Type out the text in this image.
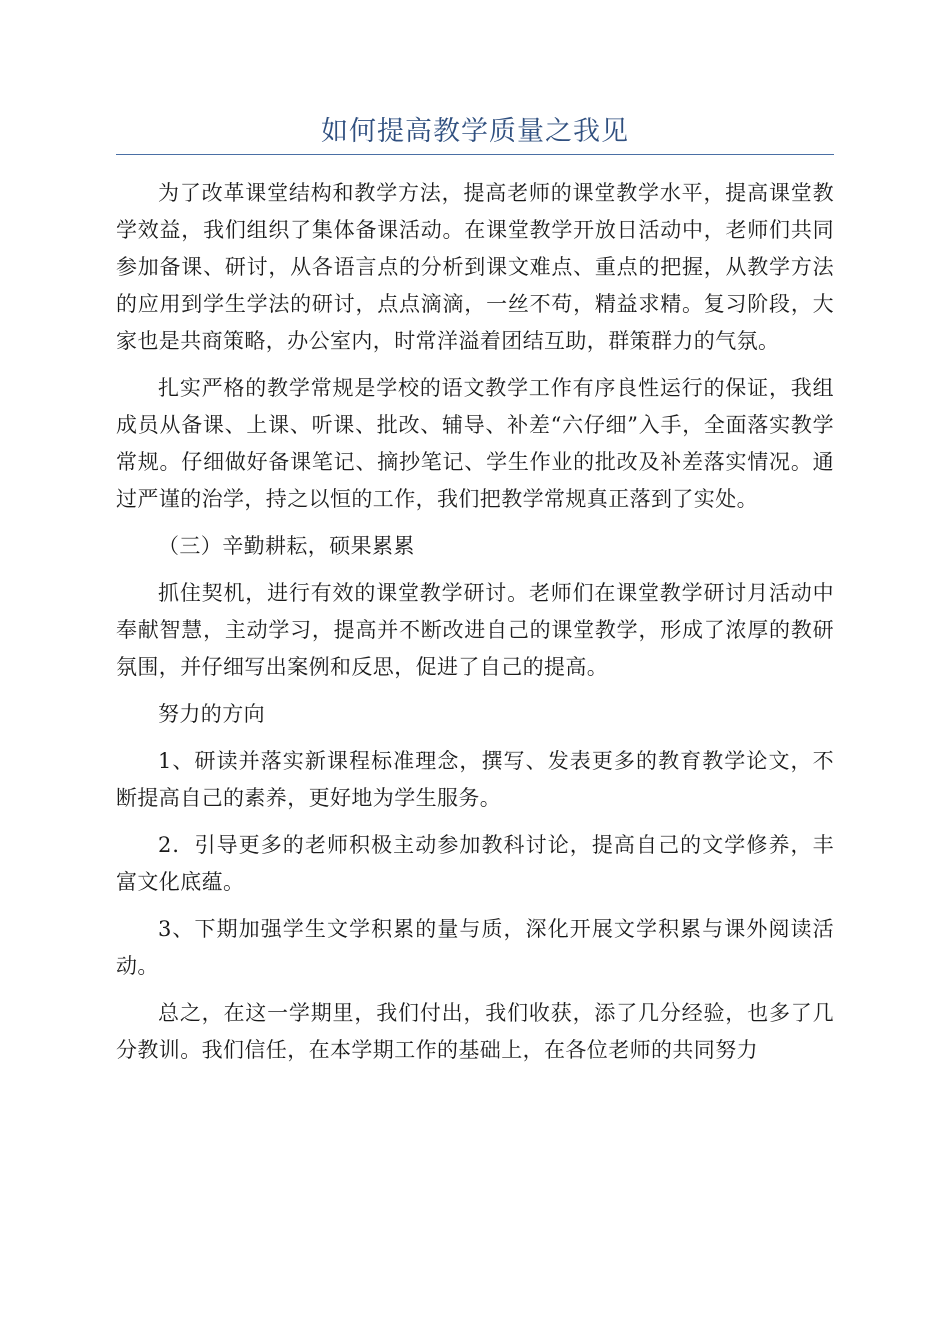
如何提高教学质量之我见

为了改革课堂结构和教学方法，提高老师的课堂教学水平，提高课堂教学效益，我们组织了集体备课活动。在课堂教学开放日活动中，老师们共同参加备课、研讨，从各语言点的分析到课文难点、重点的把握，从教学方法的应用到学生学法的研讨，点点滴滴，一丝不苟，精益求精。复习阶段，大家也是共商策略，办公室内，时常洋溢着团结互助，群策群力的气氛。

扎实严格的教学常规是学校的语文教学工作有序良性运行的保证，我组成员从备课、上课、听课、批改、辅导、补差“六仔细”入手，全面落实教学常规。仔细做好备课笔记、摘抄笔记、学生作业的批改及补差落实情况。通过严谨的治学，持之以恒的工作，我们把教学常规真正落到了实处。

（三）辛勤耕耘，硕果累累

抓住契机，进行有效的课堂教学研讨。老师们在课堂教学研讨月活动中奉献智慧，主动学习，提高并不断改进自己的课堂教学，形成了浓厚的教研氛围，并仔细写出案例和反思，促进了自己的提高。

努力的方向

1、研读并落实新课程标准理念，撰写、发表更多的教育教学论文，不断提高自己的素养，更好地为学生服务。

2．引导更多的老师积极主动参加教科讨论，提高自己的文学修养，丰富文化底蕴。

3、下期加强学生文学积累的量与质，深化开展文学积累与课外阅读活动。

总之，在这一学期里，我们付出，我们收获，添了几分经验，也多了几分教训。我们信任，在本学期工作的基础上，在各位老师的共同努力
